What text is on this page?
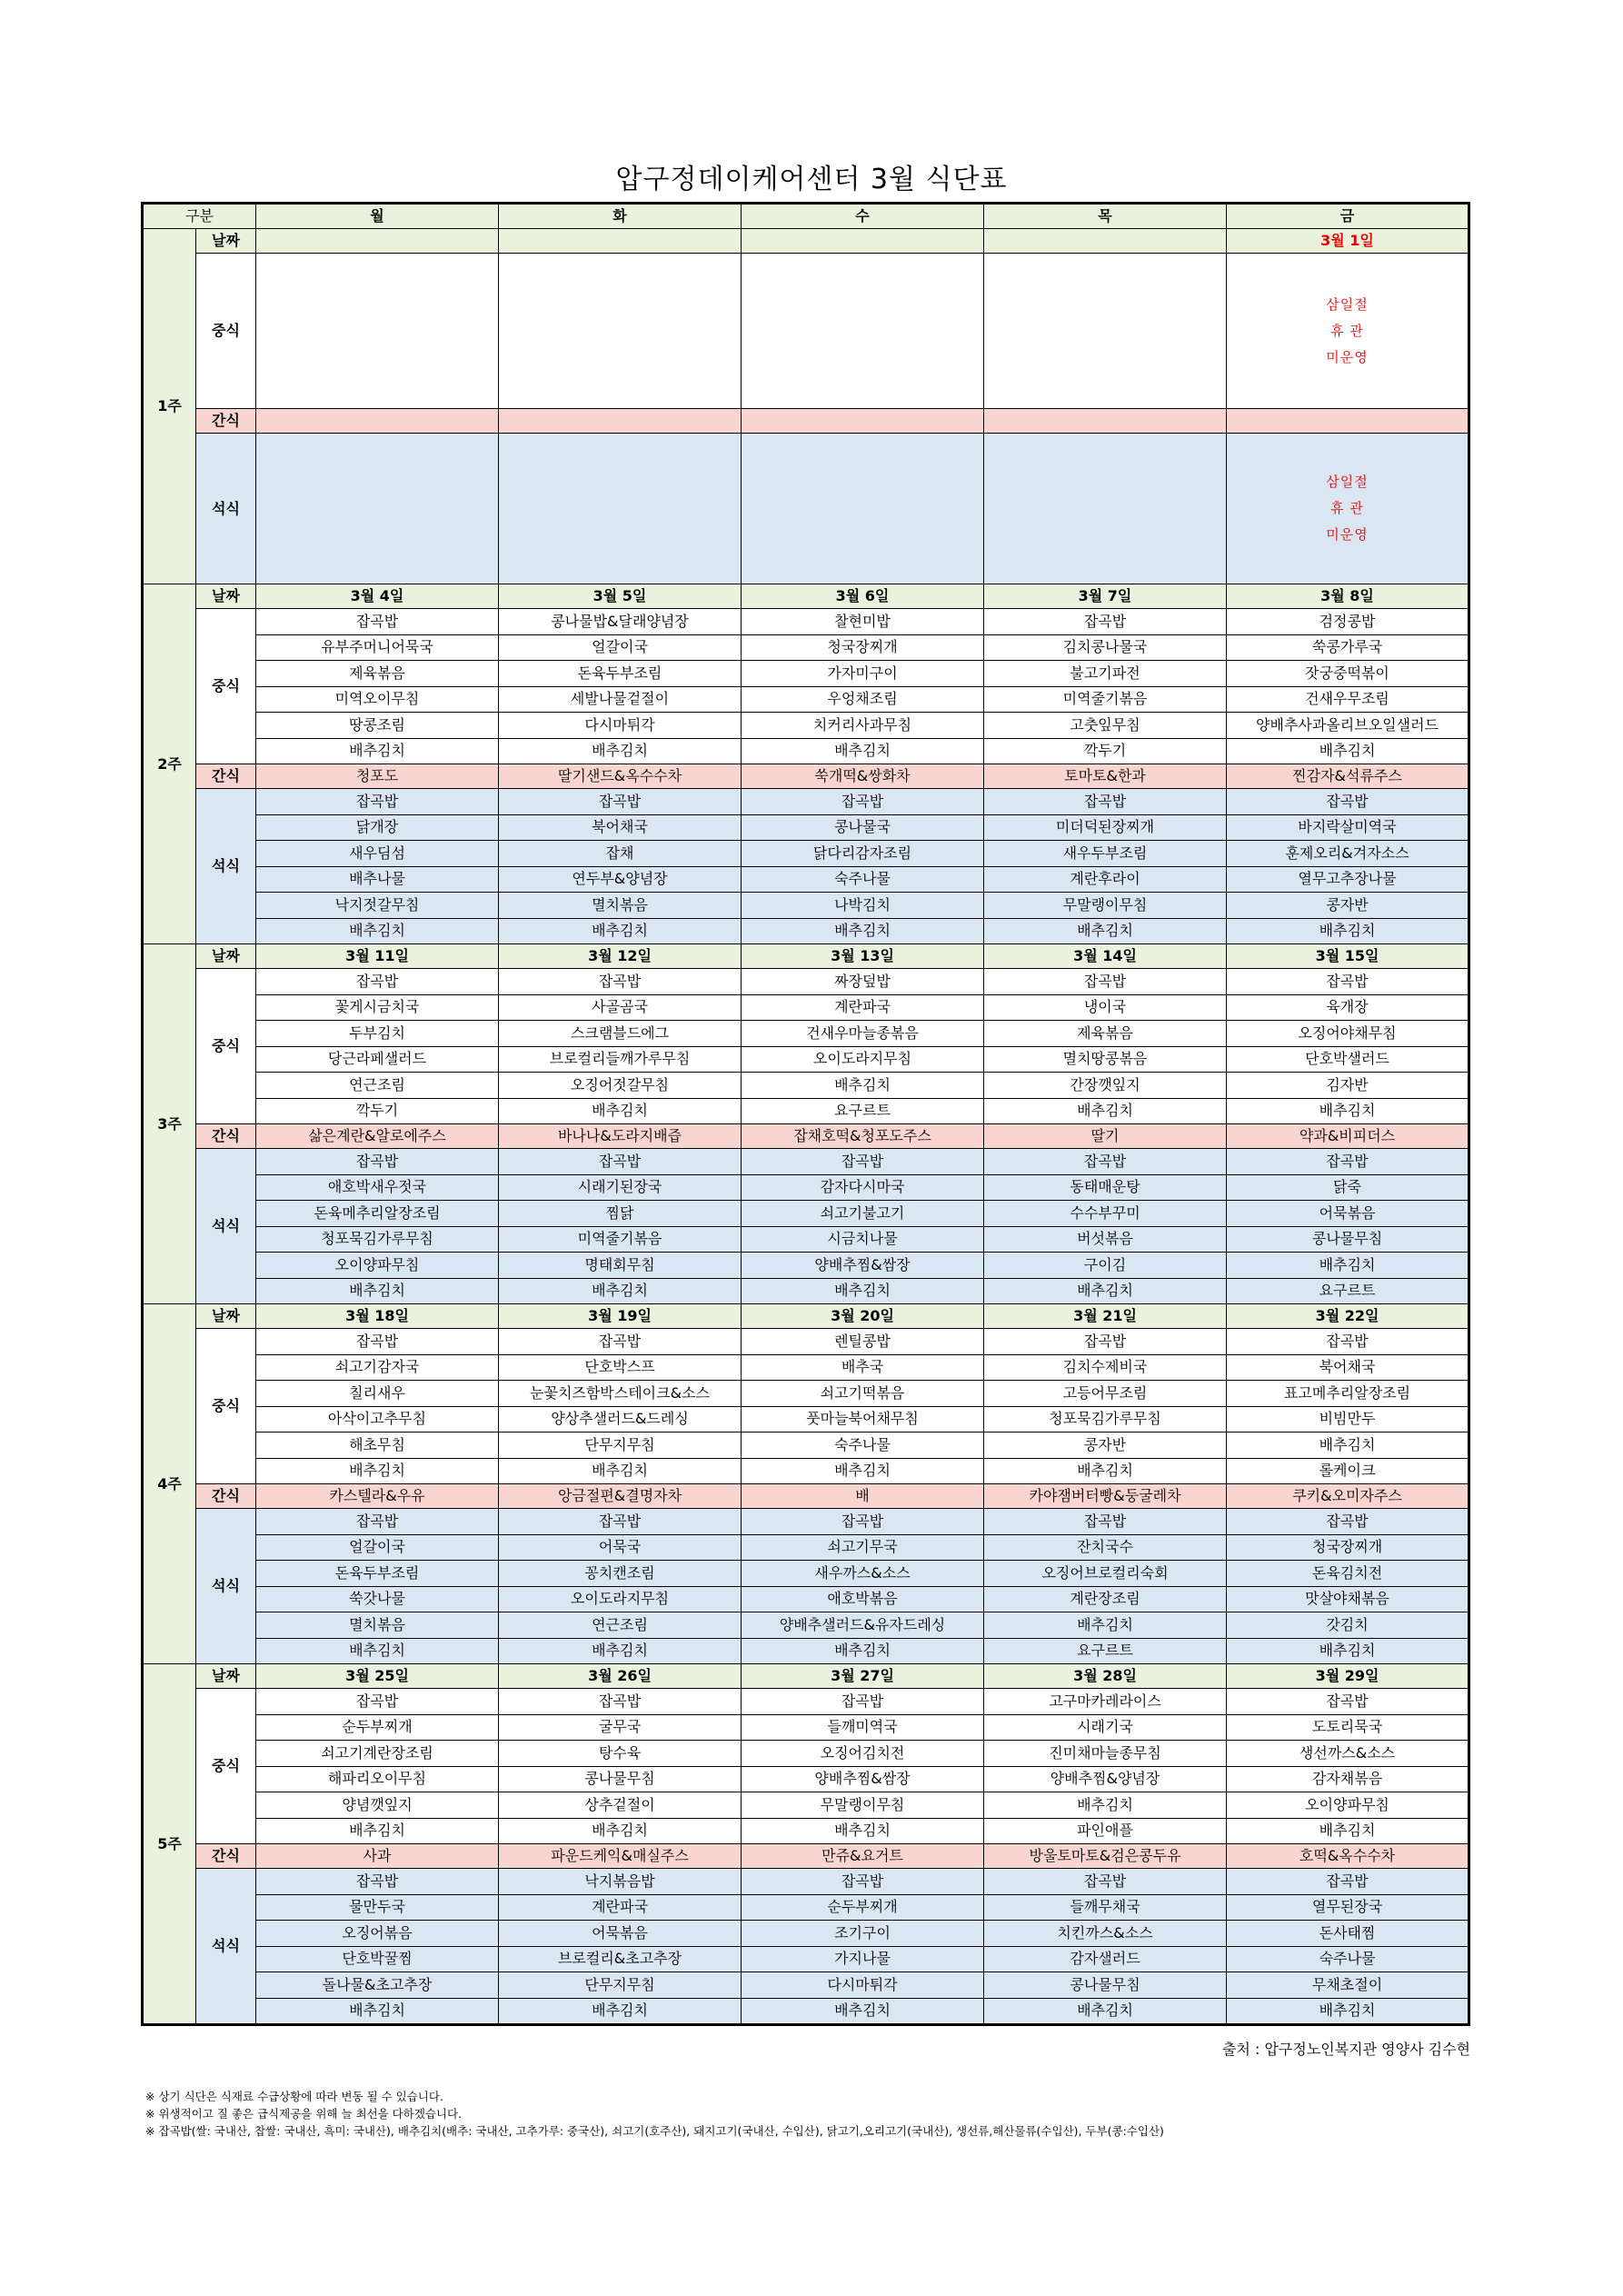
압구정데이케어센터 3월 식단표
구분		월	화	수	목	금
1주	날짜					3월 1일
	중식					삼일절
휴 관
미운영

	간식					
	석식					삼일절
휴 관
미운영

2주	날짜	3월 4일	3월 5일	3월 6일	3월 7일	3월 8일
	중식	잡곡밥	콩나물밥&달래양념장	찰현미밥	잡곡밥	검정콩밥
		유부주머니어묵국	얼갈이국	청국장찌개	김치콩나물국	쑥콩가루국
		제육볶음	돈육두부조림	가자미구이	불고기파전	잣궁중떡볶이
		미역오이무침	세발나물겉절이	우엉채조림	미역줄기볶음	건새우무조림
		땅콩조림	다시마튀각	치커리사과무침	고춧잎무침	양배추사과올리브오일샐러드
		배추김치	배추김치	배추김치	깍두기	배추김치
	간식	청포도	딸기샌드&옥수수차	쑥개떡&쌍화차	토마토&한과	찐감자&석류주스
	석식	잡곡밥	잡곡밥	잡곡밥	잡곡밥	잡곡밥
		닭개장	북어채국	콩나물국	미더덕된장찌개	바지락살미역국
		새우딤섬	잡채	닭다리감자조림	새우두부조림	훈제오리&겨자소스
		배추나물	연두부&양념장	숙주나물	계란후라이	열무고추장나물
		낙지젓갈무침	멸치볶음	나박김치	무말랭이무침	콩자반
		배추김치	배추김치	배추김치	배추김치	배추김치
3주	날짜	3월 11일	3월 12일	3월 13일	3월 14일	3월 15일
	중식	잡곡밥	잡곡밥	짜장덮밥	잡곡밥	잡곡밥
		꽃게시금치국	사골곰국	계란파국	냉이국	육개장
		두부김치	스크램블드에그	건새우마늘종볶음	제육볶음	오징어야채무침
		당근라페샐러드	브로컬리들깨가루무침	오이도라지무침	멸치땅콩볶음	단호박샐러드
		연근조림	오징어젓갈무침	배추김치	간장깻잎지	김자반
		깍두기	배추김치	요구르트	배추김치	배추김치
	간식	삶은계란&알로에주스	바나나&도라지배즙	잡채호떡&청포도주스	딸기	약과&비피더스
	석식	잡곡밥	잡곡밥	잡곡밥	잡곡밥	잡곡밥
		애호박새우젓국	시래기된장국	감자다시마국	동태매운탕	닭죽
		돈육메추리알장조림	찜닭	쇠고기불고기	수수부꾸미	어묵볶음
		청포묵김가루무침	미역줄기볶음	시금치나물	버섯볶음	콩나물무침
		오이양파무침	명태회무침	양배추찜&쌈장	구이김	배추김치
		배추김치	배추김치	배추김치	배추김치	요구르트
4주	날짜	3월 18일	3월 19일	3월 20일	3월 21일	3월 22일
	중식	잡곡밥	잡곡밥	렌틸콩밥	잡곡밥	잡곡밥
		쇠고기감자국	단호박스프	배추국	김치수제비국	북어채국
		칠리새우	눈꽃치즈함박스테이크&소스	쇠고기떡볶음	고등어무조림	표고메추리알장조림
		아삭이고추무침	양상추샐러드&드레싱	풋마늘북어채무침	청포묵김가루무침	비빔만두
		해초무침	단무지무침	숙주나물	콩자반	배추김치
		배추김치	배추김치	배추김치	배추김치	롤케이크
	간식	카스텔라&우유	앙금절편&결명자차	배	카야잼버터빵&둥굴레차	쿠키&오미자주스
	석식	잡곡밥	잡곡밥	잡곡밥	잡곡밥	잡곡밥
		얼갈이국	어묵국	쇠고기무국	잔치국수	청국장찌개
		돈육두부조림	꽁치캔조림	새우까스&소스	오징어브로컬리숙회	돈육김치전
		쑥갓나물	오이도라지무침	애호박볶음	계란장조림	맛살야채볶음
		멸치볶음	연근조림	양배추샐러드&유자드레싱	배추김치	갓김치
		배추김치	배추김치	배추김치	요구르트	배추김치
5주	날짜	3월 25일	3월 26일	3월 27일	3월 28일	3월 29일
	중식	잡곡밥	잡곡밥	잡곡밥	고구마카레라이스	잡곡밥
		순두부찌개	굴무국	들깨미역국	시래기국	도토리묵국
		쇠고기계란장조림	탕수육	오징어김치전	진미채마늘종무침	생선까스&소스
		해파리오이무침	콩나물무침	양배추찜&쌈장	양배추찜&양념장	감자채볶음
		양념깻잎지	상추겉절이	무말랭이무침	배추김치	오이양파무침
		배추김치	배추김치	배추김치	파인애플	배추김치
	간식	사과	파운드케익&매실주스	만쥬&요거트	방울토마토&검은콩두유	호떡&옥수수차
	석식	잡곡밥	낙지볶음밥	잡곡밥	잡곡밥	잡곡밥
		물만두국	계란파국	순두부찌개	들깨무채국	열무된장국
		오징어볶음	어묵볶음	조기구이	치킨까스&소스	돈사태찜
		단호박꿀찜	브로컬리&초고추장	가지나물	감자샐러드	숙주나물
		돌나물&초고추장	단무지무침	다시마튀각	콩나물무침	무채초절이
		배추김치	배추김치	배추김치	배추김치	배추김치
출처 : 압구정노인복지관 영양사 김수현
※ 상기 식단은 식재료 수급상황에 따라 변동 될 수 있습니다.
※ 위생적이고 질 좋은 급식제공을 위해 늘 최선을 다하겠습니다.
※ 잡곡밥(쌀: 국내산, 찹쌀: 국내산, 흑미: 국내산), 배추김치(배추: 국내산, 고추가루: 중국산), 쇠고기(호주산), 돼지고기(국내산, 수입산), 닭고기,오리고기(국내산), 생선류,해산물류(수입산), 두부(콩:수입산)
